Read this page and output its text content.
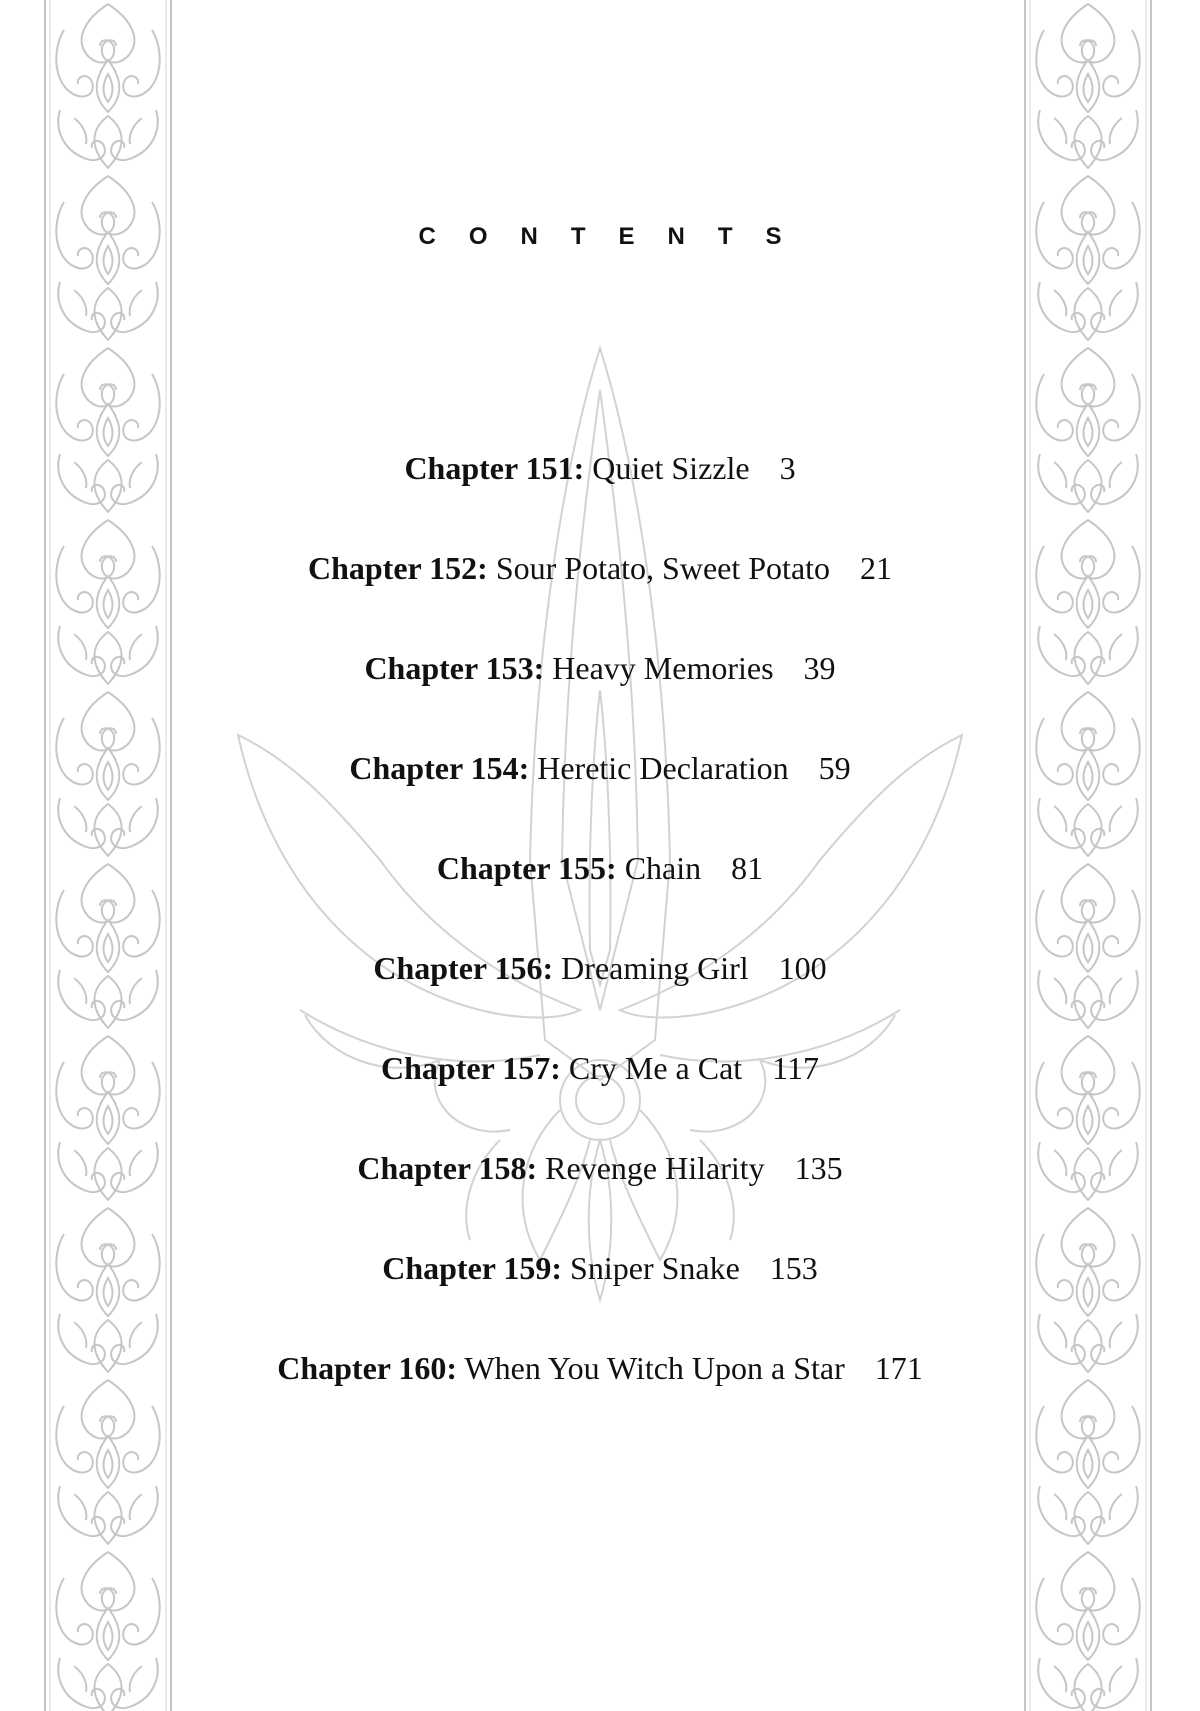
CONTENTS
Chapter 151: Quiet Sizzle 3
Chapter 152: Sour Potato, Sweet Potato 21
Chapter 153: Heavy Memories 39
Chapter 154: Heretic Declaration 59
Chapter 155: Chain 81
Chapter 156: Dreaming Girl 100
Chapter 157: Cry Me a Cat 117
Chapter 158: Revenge Hilarity 135
Chapter 159: Sniper Snake 153
Chapter 160: When You Witch Upon a Star 171
